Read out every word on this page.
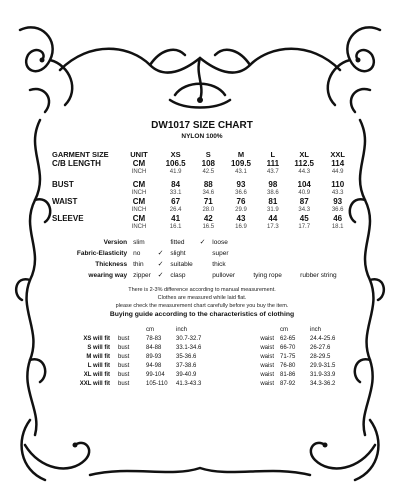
DW1017 SIZE CHART
NYLON 100%
GARMENT SIZE	UNIT	XS	S	M	L	XL	XXL
C/B LENGTH	CM	106.5	108	109.5	111	112.5	114
	INCH	41.9	42.5	43.1	43.7	44.3	44.9

BUST	CM	84	88	93	98	104	110
	INCH	33.1	34.6	36.6	38.6	40.9	43.3
WAIST	CM	67	71	76	81	87	93
	INCH	26.4	28.0	29.9	31.9	34.3	36.6
SLEEVE	CM	41	42	43	44	45	46
	INCH	16.1	16.5	16.9	17.3	17.7	18.1
Version	slim		fitted	✓	loose					
Fabric-Elasticity	no	✓	slight		super					
Thickness	thin	✓	suitable		thick					
wearing way	zipper	✓	clasp		pullover		tying rope		rubber string	
There is 2-3% difference according to manual measurement.
Clothes are measured while laid flat.
please check the measurement chart carefully before you buy the item.
Buying guide according to the characteristics of clothing
		cm	inch		cm	inch
XS will fit	bust	78-83	30.7-32.7	waist	62-65	24.4-25.6
S will fit	bust	84-88	33.1-34.6	waist	66-70	26-27.6
M will fit	bust	89-93	35-36.6	waist	71-75	28-29.5
L will fit	bust	94-98	37-38.6	waist	76-80	29.9-31.5
XL will fit	bust	99-104	39-40.9	waist	81-86	31.9-33.9
XXL will fit	bust	105-110	41.3-43.3	waist	87-92	34.3-36.2
